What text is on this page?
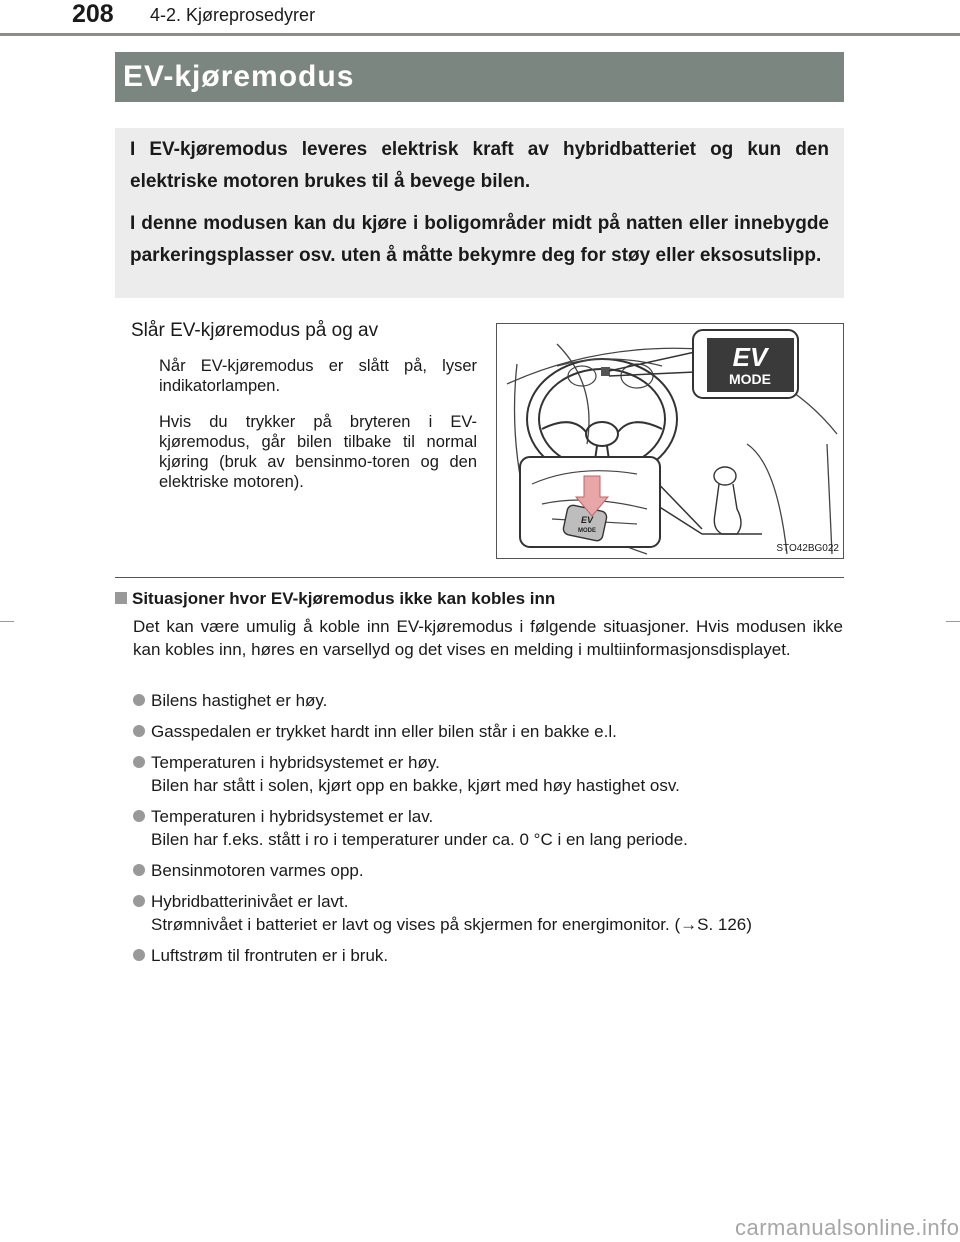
208 4-2. Kjøreprosedyrer
EV-kjøremodus

I EV-kjøremodus leveres elektrisk kraft av hybridbatteriet og kun den elektriske motoren brukes til å bevege bilen.

I denne modusen kan du kjøre i boligområder midt på natten eller innebygde parkeringsplasser osv. uten å måtte bekymre deg for støy eller eksosutslipp.

Slår EV-kjøremodus på og av

Når EV-kjøremodus er slått på, lyser indikatorlampen.

Hvis du trykker på bryteren i EV-kjøremodus, går bilen tilbake til normal kjøring (bruk av bensinmo-toren og den elektriske motoren).

EV
MODE
EV
MODE
STO42BG022
Situasjoner hvor EV-kjøremodus ikke kan kobles inn

Det kan være umulig å koble inn EV-kjøremodus i følgende situasjoner. Hvis modusen ikke kan kobles inn, høres en varsellyd og det vises en melding i multiinformasjonsdisplayet.

Bilens hastighet er høy.
Gasspedalen er trykket hardt inn eller bilen står i en bakke e.l.
Temperaturen i hybridsystemet er høy.
Bilen har stått i solen, kjørt opp en bakke, kjørt med høy hastighet osv.
Temperaturen i hybridsystemet er lav.
Bilen har f.eks. stått i ro i temperaturer under ca. 0 °C i en lang periode.
Bensinmotoren varmes opp.
Hybridbatterinivået er lavt.
Strømnivået i batteriet er lavt og vises på skjermen for energimonitor. (→S. 126)
Luftstrøm til frontruten er i bruk.
carmanualsonline.info
